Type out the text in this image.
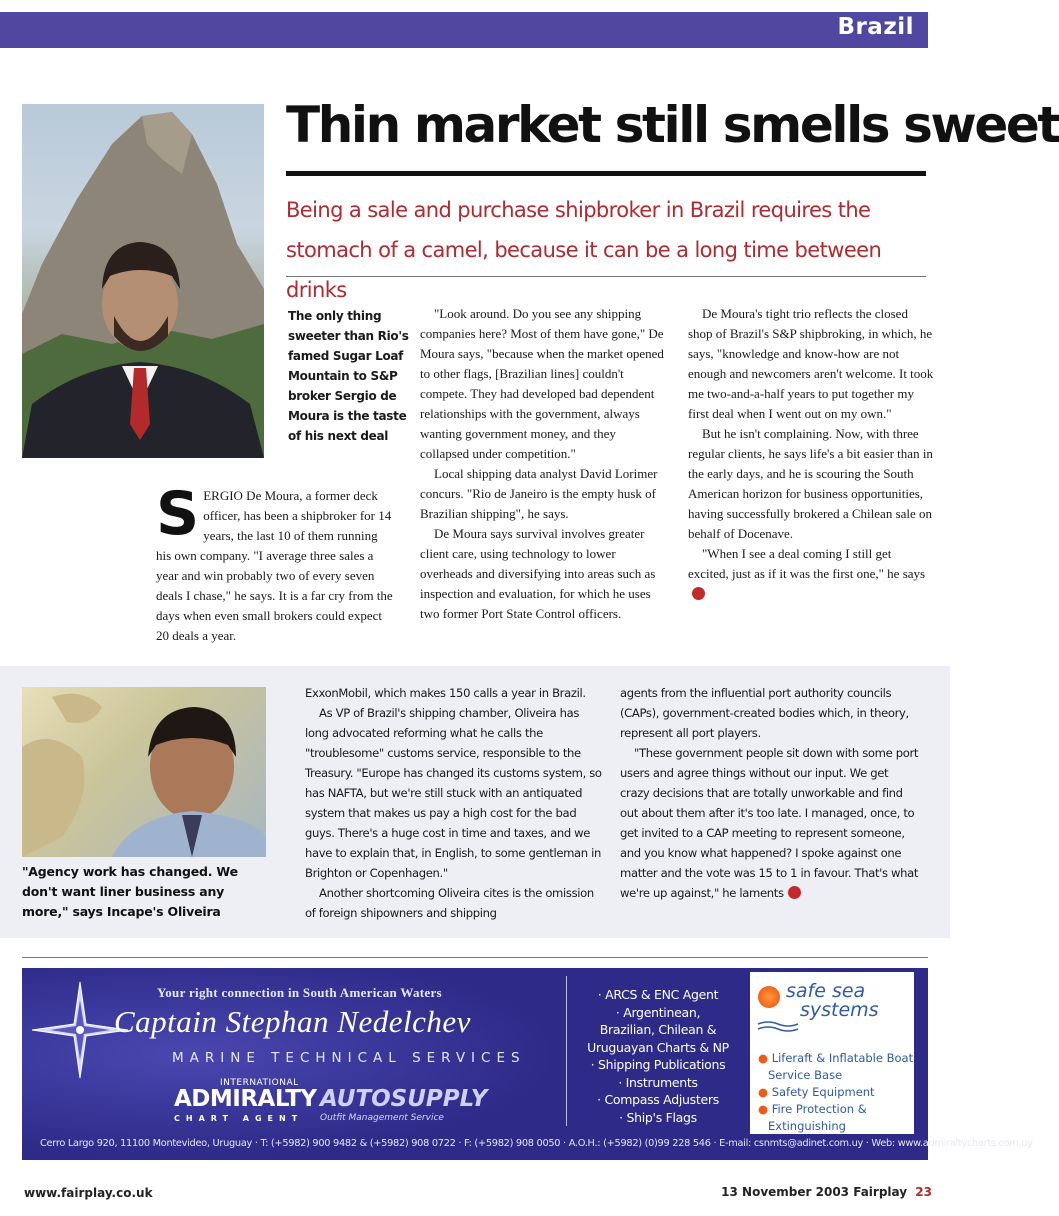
Brazil
Thin market still smells sweet
Being a sale and purchase shipbroker in Brazil requires the stomach of a camel, because it can be a long time between drinks
The only thing sweeter than Rio's famed Sugar Loaf Mountain to S&P broker Sergio de Moura is the taste of his next deal

SERGIO De Moura, a former deck officer, has been a shipbroker for 14 years, the last 10 of them running his own company. "I average three sales a year and win probably two of every seven deals I chase," he says. It is a far cry from the days when even small brokers could expect 20 deals a year.

"Look around. Do you see any shipping companies here? Most of them have gone," De Moura says, "because when the market opened to other flags, [Brazilian lines] couldn't compete. They had developed bad dependent relationships with the government, always wanting government money, and they collapsed under competition."

Local shipping data analyst David Lorimer concurs. "Rio de Janeiro is the empty husk of Brazilian shipping", he says.

De Moura says survival involves greater client care, using technology to lower overheads and diversifying into areas such as inspection and evaluation, for which he uses two former Port State Control officers.

De Moura's tight trio reflects the closed shop of Brazil's S&P shipbroking, in which, he says, "knowledge and know-how are not enough and newcomers aren't welcome. It took me two-and-a-half years to put together my first deal when I went out on my own."

But he isn't complaining. Now, with three regular clients, he says life's a bit easier than in the early days, and he is scouring the South American horizon for business opportunities, having successfully brokered a Chilean sale on behalf of Docenave.

"When I see a deal coming I still get excited, just as if it was the first one," he says

"Agency work has changed. We don't want liner business any more," says Incape's Oliveira

ExxonMobil, which makes 150 calls a year in Brazil.

As VP of Brazil's shipping chamber, Oliveira has long advocated reforming what he calls the "troublesome" customs service, responsible to the Treasury. "Europe has changed its customs system, so has NAFTA, but we're still stuck with an antiquated system that makes us pay a high cost for the bad guys. There's a huge cost in time and taxes, and we have to explain that, in English, to some gentleman in Brighton or Copenhagen."

Another shortcoming Oliveira cites is the omission of foreign shipowners and shipping

agents from the influential port authority councils (CAPs), government-created bodies which, in theory, represent all port players.

"These government people sit down with some port users and agree things without our input. We get crazy decisions that are totally unworkable and find out about them after it's too late. I managed, once, to get invited to a CAP meeting to represent someone, and you know what happened? I spoke against one matter and the vote was 15 to 1 in favour. That's what we're up against," he laments

Your right connection in South American Waters
Captain Stephan Nedelchev
MARINE TECHNICAL SERVICES
INTERNATIONAL
ADMIRALTY
CHART AGENT
AUTOSUPPLY
Outfit Management Service
· ARCS & ENC Agent
· Argentinean,
Brazilian, Chilean &
Uruguayan Charts & NP
· Shipping Publications
· Instruments
· Compass Adjusters
· Ship's Flags
safe sea
systems
● Liferaft & Inflatable Boat Service Base
● Safety Equipment
● Fire Protection & Extinguishing
Cerro Largo 920, 11100 Montevideo, Uruguay · T: (+5982) 900 9482 & (+5982) 908 0722 · F: (+5982) 908 0050 · A.O.H.: (+5982) (0)99 228 546 · E-mail: csnmts@adinet.com.uy · Web: www.admiraltycharts.com.uy
www.fairplay.co.uk	13 November 2003 Fairplay 23
